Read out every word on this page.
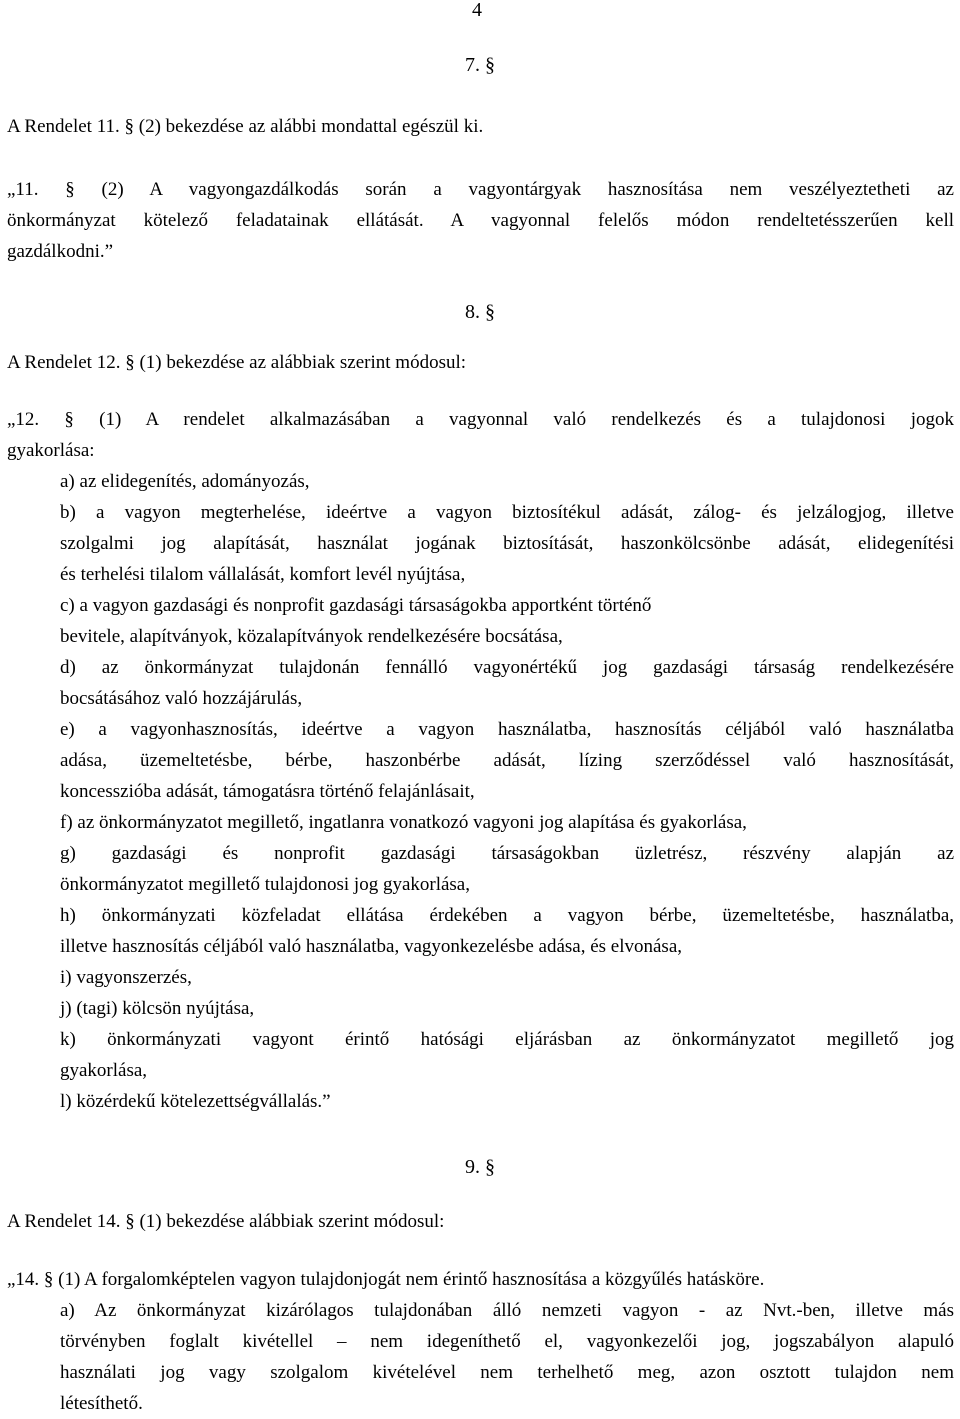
4
7. §

A Rendelet 11. § (2) bekezdése az alábbi mondattal egészül ki.

„11. § (2) A vagyongazdálkodás során a vagyontárgyak hasznosítása nem veszélyeztetheti az
önkormányzat kötelező feladatainak ellátását. A vagyonnal felelős módon rendeltetésszerűen kell
gazdálkodni.”

8. §

A Rendelet 12. § (1) bekezdése az alábbiak szerint módosul:

„12. § (1) A rendelet alkalmazásában a vagyonnal való rendelkezés és a tulajdonosi jogok
gyakorlása:

a) az elidegenítés, adományozás,
b) a vagyon megterhelése, ideértve a vagyon biztosítékul adását, zálog- és jelzálogjog, illetve
szolgalmi jog alapítását, használat jogának biztosítását, haszonkölcsönbe adását, elidegenítési
és terhelési tilalom vállalását, komfort levél nyújtása,
c) a vagyon gazdasági és nonprofit gazdasági társaságokba apportként történő
bevitele, alapítványok, közalapítványok rendelkezésére bocsátása,
d) az önkormányzat tulajdonán fennálló vagyonértékű jog gazdasági társaság rendelkezésére
bocsátásához való hozzájárulás,
e) a vagyonhasznosítás, ideértve a vagyon használatba, hasznosítás céljából való használatba
adása, üzemeltetésbe, bérbe, haszonbérbe adását, lízing szerződéssel való hasznosítását,
koncesszióba adását, támogatásra történő felajánlásait,
f) az önkormányzatot megillető, ingatlanra vonatkozó vagyoni jog alapítása és gyakorlása,
g) gazdasági és nonprofit gazdasági társaságokban üzletrész, részvény alapján az
önkormányzatot megillető tulajdonosi jog gyakorlása,
h) önkormányzati közfeladat ellátása érdekében a vagyon bérbe, üzemeltetésbe, használatba,
illetve hasznosítás céljából való használatba, vagyonkezelésbe adása, és elvonása,
i) vagyonszerzés,
j) (tagi) kölcsön nyújtása,
k) önkormányzati vagyont érintő hatósági eljárásban az önkormányzatot megillető jog
gyakorlása,
l) közérdekű kötelezettségvállalás.”
9. §

A Rendelet 14. § (1) bekezdése alábbiak szerint módosul:

„14. § (1) A forgalomképtelen vagyon tulajdonjogát nem érintő hasznosítása a közgyűlés hatásköre.

a) Az önkormányzat kizárólagos tulajdonában álló nemzeti vagyon - az Nvt.-ben, illetve más
törvényben foglalt kivétellel – nem idegeníthető el, vagyonkezelői jog, jogszabályon alapuló
használati jog vagy szolgalom kivételével nem terhelhető meg, azon osztott tulajdon nem
létesíthető.
